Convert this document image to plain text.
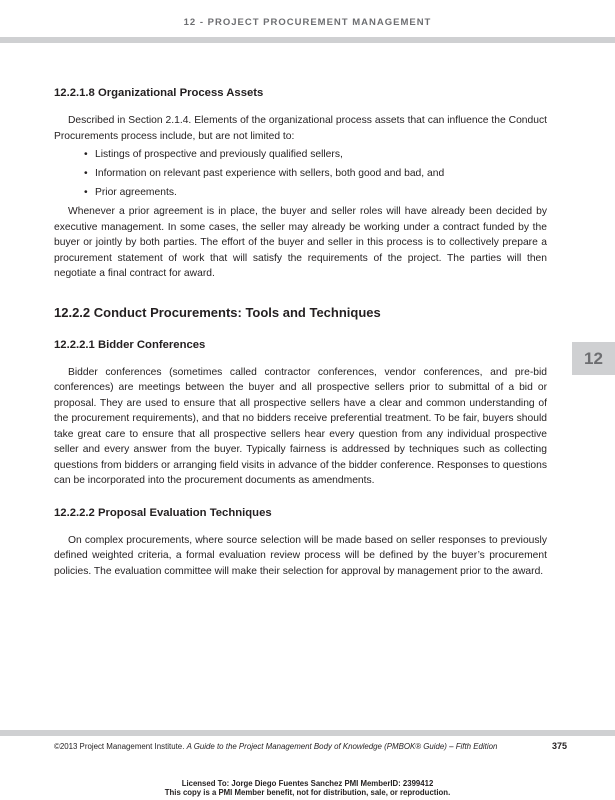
12 - PROJECT PROCUREMENT MANAGEMENT
12.2.1.8 Organizational Process Assets

Described in Section 2.1.4. Elements of the organizational process assets that can influence the Conduct Procurements process include, but are not limited to:

• Listings of prospective and previously qualified sellers,
• Information on relevant past experience with sellers, both good and bad, and
• Prior agreements.

Whenever a prior agreement is in place, the buyer and seller roles will have already been decided by executive management. In some cases, the seller may already be working under a contract funded by the buyer or jointly by both parties. The effort of the buyer and seller in this process is to collectively prepare a procurement statement of work that will satisfy the requirements of the project. The parties will then negotiate a final contract for award.

12.2.2 Conduct Procurements: Tools and Techniques
12.2.2.1 Bidder Conferences

Bidder conferences (sometimes called contractor conferences, vendor conferences, and pre-bid conferences) are meetings between the buyer and all prospective sellers prior to submittal of a bid or proposal. They are used to ensure that all prospective sellers have a clear and common understanding of the procurement requirements), and that no bidders receive preferential treatment. To be fair, buyers should take great care to ensure that all prospective sellers hear every question from any individual prospective seller and every answer from the buyer. Typically fairness is addressed by techniques such as collecting questions from bidders or arranging field visits in advance of the bidder conference. Responses to questions can be incorporated into the procurement documents as amendments.

12.2.2.2 Proposal Evaluation Techniques

On complex procurements, where source selection will be made based on seller responses to previously defined weighted criteria, a formal evaluation review process will be defined by the buyer’s procurement policies. The evaluation committee will make their selection for approval by management prior to the award.

12
©2013 Project Management Institute. A Guide to the Project Management Body of Knowledge (PMBOK® Guide) – Fifth Edition	375
Licensed To: Jorge Diego Fuentes Sanchez PMI MemberID: 2399412
This copy is a PMI Member benefit, not for distribution, sale, or reproduction.
